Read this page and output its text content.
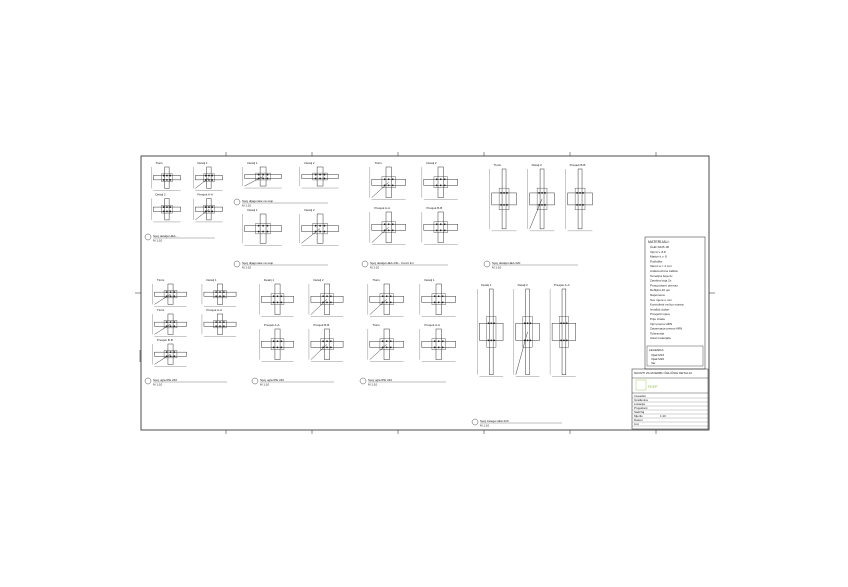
Tloris	Detalj 1
Detalj 2	Presjek A-A
Spoj detalja HEA ...
M 1:10
Detalj 1	Detalj 2
Spoj dijagonale na stup
M 1:10
Detalj 1	Detalj 2
Spoj dijagonale na stup
M 1:10
Tloris	Detalj 2
Presjek A-A	Presjek B-B
Spoj detalja HEA 240 - čvorni lim
M 1:10
Tloris	Detalj 2	Presjek B-B
Spoj detalja HEA 220
M 1:10
Tloris	Detalj 1
Tloris	Presjek A-A
Presjek B-B
Spoj ugla IPE 240
M 1:10
Detalj 1	Detalj 2
Presjek A-A	Presjek B-B
Spoj ugla IPE 240
M 1:10
Tloris	Detalj 1
Tloris	Presjek A-A
Spoj ugla IPE 240
M 1:10
Detalj 1	Detalj 2	Presjek A-A
Spoj zatega HEA 220
M 1:10
MATERIJALI:
Čelik S235 JR
Vijci k.v. 8.8
Matice k.v. 8
Podloške
Varovi a = 4 mm
Antikorozivna zaštita
Temeljna boja 2x
Završna boja 2x
Protupožarni premaz
Debljina 40 µm
Napomena
Sve mjere u mm
Kontrolirati na licu mjesta
Izvođač dužan
Provjeriti mjere
Prije izrade
Vijci prema HRN
Zavarivanje prema HRN
Tolerancije
Atest materijala
LEGENDA:
Vijak M16
Vijak M20
Var
NACRTI ZA IZVEDBU ČELIČNIH DETALJA
FEEP
Investitor
Građevina
Lokacija
Projektant
Sadržaj
Mjerilo	1:10
Datum
List
